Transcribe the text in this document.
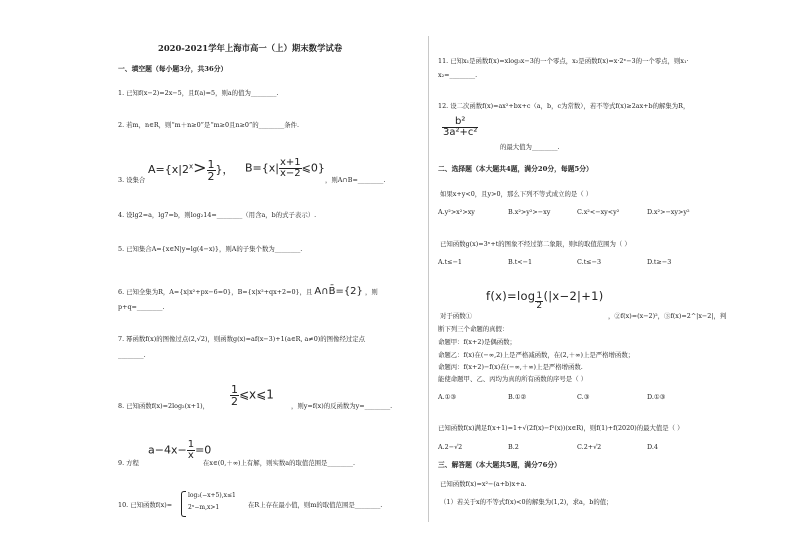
2020-2021学年上海市高一（上）期末数学试卷
一、填空题（每小题3分，共36分）
1. 已知f(x−2)=2x−5，且f(a)=5，则a的值为________.
2. 若m，n∈R，则“m＋n≥0”是“m≥0且n≥0”的________条件.
3. 设集合
$A=\{x|2^x> \frac{1}{2}$ }， $B=\{x| \frac{x+1}{x-2}$ ⩽0}
，则A∩B=________.
4. 设lg2=a，lg7=b，则log₂14=________（用含a，b的式子表示）.
5. 已知集合A={x∈N|y=lg(4−x)}，则A的子集个数为________.
6. 已知全集为R，A={x|x²+px−6=0}，B={x|x²+qx+2=0}，且 A∩B̄={2} ，则
p+q=________.
7. 幂函数f(x)的图像过点(2,√2)，则函数g(x)=af(x−3)+1(a∈R, a≠0)的图像经过定点
________.
8. 已知函数f(x)=2log₂(x+1)， $\frac{1}{2}$ ⩽x⩽1
，则y=f(x)的反函数为y=________.
9. 方程
$a-4x- \frac{1}{x} =0$
在x∈(0,＋∞)上有解，则实数a的取值范围是________.
10. 已知函数f(x)=
log₂(−x+5),x≤1
2ˣ−m,x>1	在R上存在最小值，则m的取值范围是________.
11. 已知x₁是函数f(x)=xlog₃x−3的一个零点，x₂是函数f(x)=x·2ˣ−3的一个零点，则x₁·
x₂=________.
12. 设二次函数f(x)=ax²+bx+c（a，b，c为常数），若不等式f(x)≥2ax+b的解集为R，
$\frac{\text{b²}}{\text{3a²+c²}}$
的最大值为________.
二、选择题（本大题共4题，满分20分，每题5分）
如果x+y<0，且y>0，那么下列不等式成立的是（ ）
A.y²>x²>xy	B.x²>y²>−xy	C.x²<−xy<y²	D.x²>−xy>y²
已知函数g(x)=3ˣ+t的图象不经过第二象限，则t的取值范围为（ ）
A.t≤−1	B.t<−1	C.t≤−3	D.t≥−3
$f(x)=\log \frac{1}{2} (|x-2|+1)$
对于函数①	，②f(x)=(x−2)²，③f(x)=2^|x−2|，判
断下列三个命题的真假：
命题甲：f(x+2)是偶函数；
命题乙：f(x)在(−∞,2)上是严格减函数，在(2,＋∞)上是严格增函数；
命题丙：f(x+2)−f(x)在(−∞,＋∞)上是严格增函数.
能使命题甲、乙、丙均为真的所有函数的序号是（ ）
A.①③	B.①②	C.③	D.①③
已知函数f(x)满足f(x+1)=1+√(2f(x)−f²(x))(x∈R)，则f(1)+f(2020)的最大值是（ ）
A.2−√2	B.2	C.2+√2	D.4
三、解答题（本大题共5题，满分76分）
已知函数f(x)=x²−(a+b)x+a.
（1）若关于x的不等式f(x)<0的解集为(1,2)，求a，b的值；
